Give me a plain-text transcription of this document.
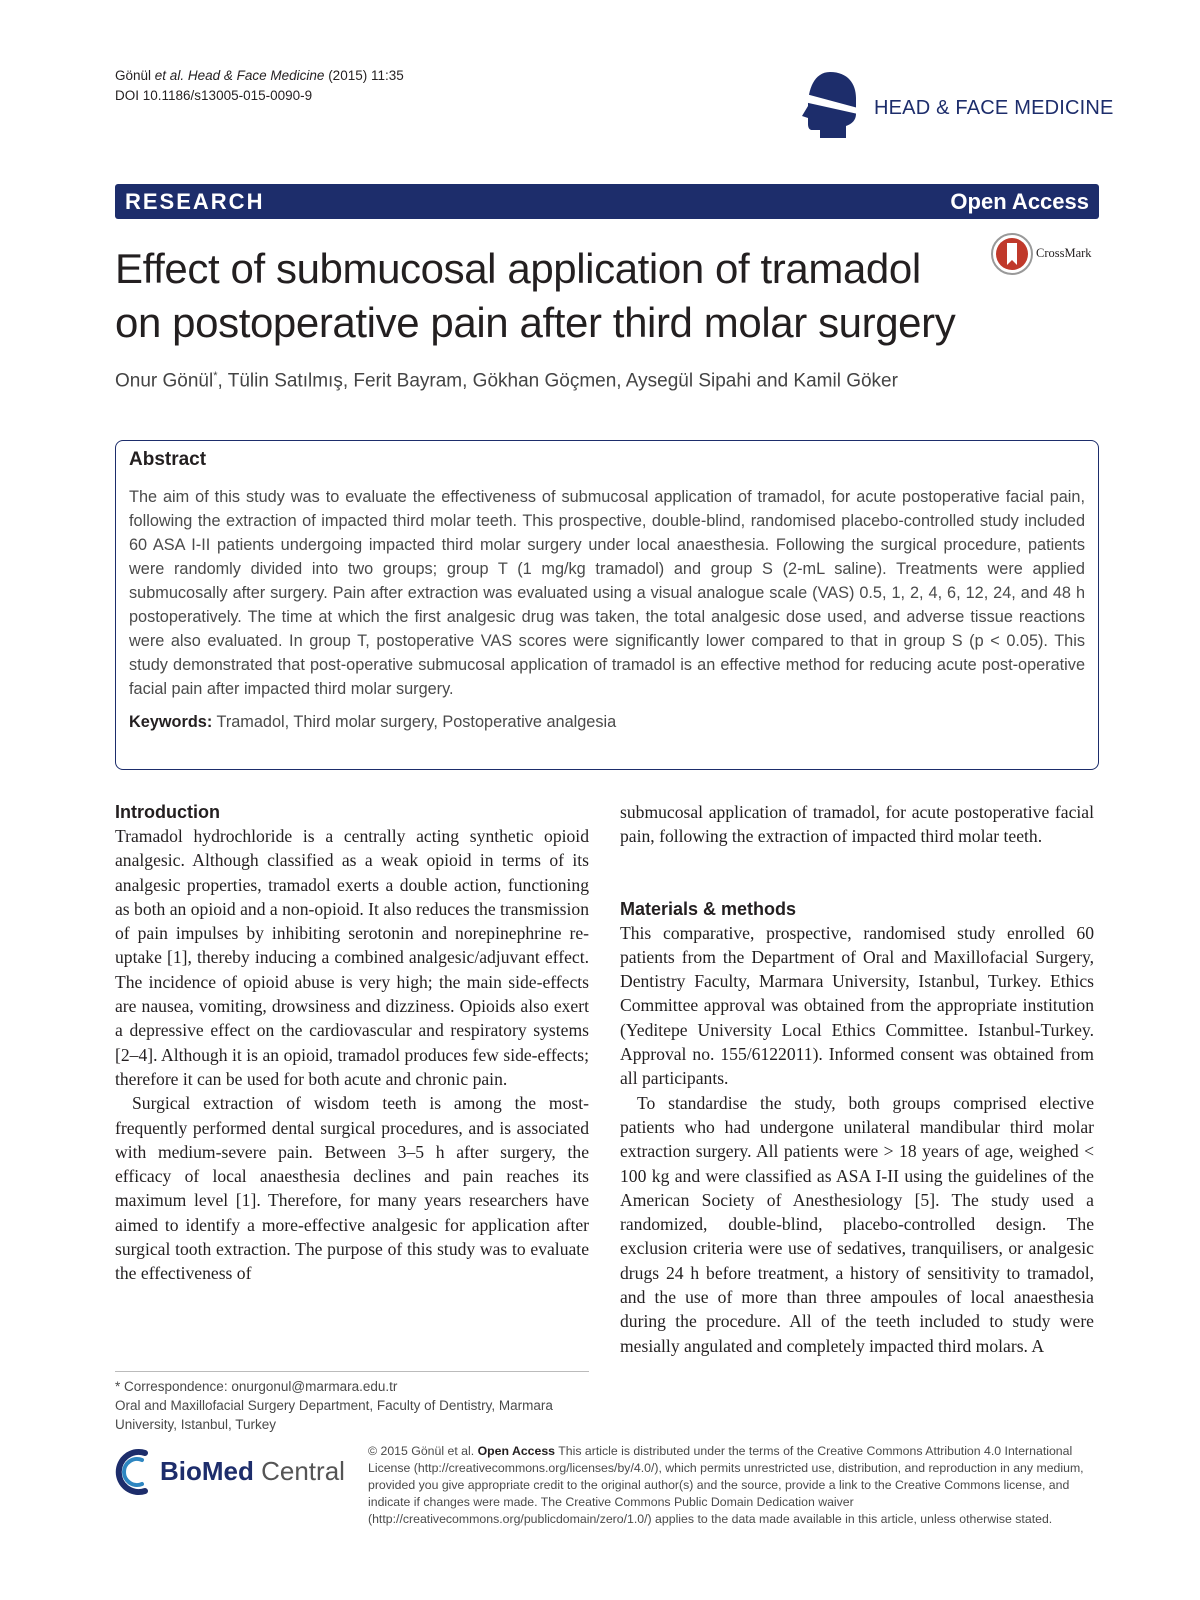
Gönül et al. Head & Face Medicine (2015) 11:35
DOI 10.1186/s13005-015-0090-9
HEAD & FACE MEDICINE
RESEARCH	Open Access
Effect of submucosal application of tramadol
on postoperative pain after third molar surgery
CrossMark
Onur Gönül*, Tülin Satılmış, Ferit Bayram, Gökhan Göçmen, Aysegül Sipahi and Kamil Göker
Abstract

The aim of this study was to evaluate the effectiveness of submucosal application of tramadol, for acute postoperative facial pain, following the extraction of impacted third molar teeth. This prospective, double-blind, randomised placebo-controlled study included 60 ASA I-II patients undergoing impacted third molar surgery under local anaesthesia. Following the surgical procedure, patients were randomly divided into two groups; group T (1 mg/kg tramadol) and group S (2-mL saline). Treatments were applied submucosally after surgery. Pain after extraction was evaluated using a visual analogue scale (VAS) 0.5, 1, 2, 4, 6, 12, 24, and 48 h postoperatively. The time at which the first analgesic drug was taken, the total analgesic dose used, and adverse tissue reactions were also evaluated. In group T, postoperative VAS scores were significantly lower compared to that in group S (p < 0.05). This study demonstrated that post-operative submucosal application of tramadol is an effective method for reducing acute post-operative facial pain after impacted third molar surgery.

Keywords: Tramadol, Third molar surgery, Postoperative analgesia
Introduction

Tramadol hydrochloride is a centrally acting synthetic opioid analgesic. Although classified as a weak opioid in terms of its analgesic properties, tramadol exerts a double action, functioning as both an opioid and a non-opioid. It also reduces the transmission of pain impulses by inhibiting serotonin and norepinephrine re-uptake [1], thereby inducing a combined analgesic/adjuvant effect. The incidence of opioid abuse is very high; the main side-effects are nausea, vomiting, drowsiness and dizziness. Opioids also exert a depressive effect on the cardiovascular and respiratory systems [2–4]. Although it is an opioid, tramadol produces few side-effects; therefore it can be used for both acute and chronic pain.

Surgical extraction of wisdom teeth is among the most-frequently performed dental surgical procedures, and is associated with medium-severe pain. Between 3–5 h after surgery, the efficacy of local anaesthesia declines and pain reaches its maximum level [1]. Therefore, for many years researchers have aimed to identify a more-effective analgesic for application after surgical tooth extraction. The purpose of this study was to evaluate the effectiveness of

submucosal application of tramadol, for acute postoperative facial pain, following the extraction of impacted third molar teeth.

Materials & methods

This comparative, prospective, randomised study enrolled 60 patients from the Department of Oral and Maxillofacial Surgery, Dentistry Faculty, Marmara University, Istanbul, Turkey. Ethics Committee approval was obtained from the appropriate institution (Yeditepe University Local Ethics Committee. Istanbul-Turkey. Approval no. 155/6122011). Informed consent was obtained from all participants.

To standardise the study, both groups comprised elective patients who had undergone unilateral mandibular third molar extraction surgery. All patients were > 18 years of age, weighed < 100 kg and were classified as ASA I-II using the guidelines of the American Society of Anesthesiology [5]. The study used a randomized, double-blind, placebo-controlled design. The exclusion criteria were use of sedatives, tranquilisers, or analgesic drugs 24 h before treatment, a history of sensitivity to tramadol, and the use of more than three ampoules of local anaesthesia during the procedure. All of the teeth included to study were mesially angulated and completely impacted third molars. A

* Correspondence: onurgonul@marmara.edu.tr
Oral and Maxillofacial Surgery Department, Faculty of Dentistry, Marmara University, Istanbul, Turkey
BioMed Central
© 2015 Gönül et al. Open Access This article is distributed under the terms of the Creative Commons Attribution 4.0 International License (http://creativecommons.org/licenses/by/4.0/), which permits unrestricted use, distribution, and reproduction in any medium, provided you give appropriate credit to the original author(s) and the source, provide a link to the Creative Commons license, and indicate if changes were made. The Creative Commons Public Domain Dedication waiver (http://creativecommons.org/publicdomain/zero/1.0/) applies to the data made available in this article, unless otherwise stated.
